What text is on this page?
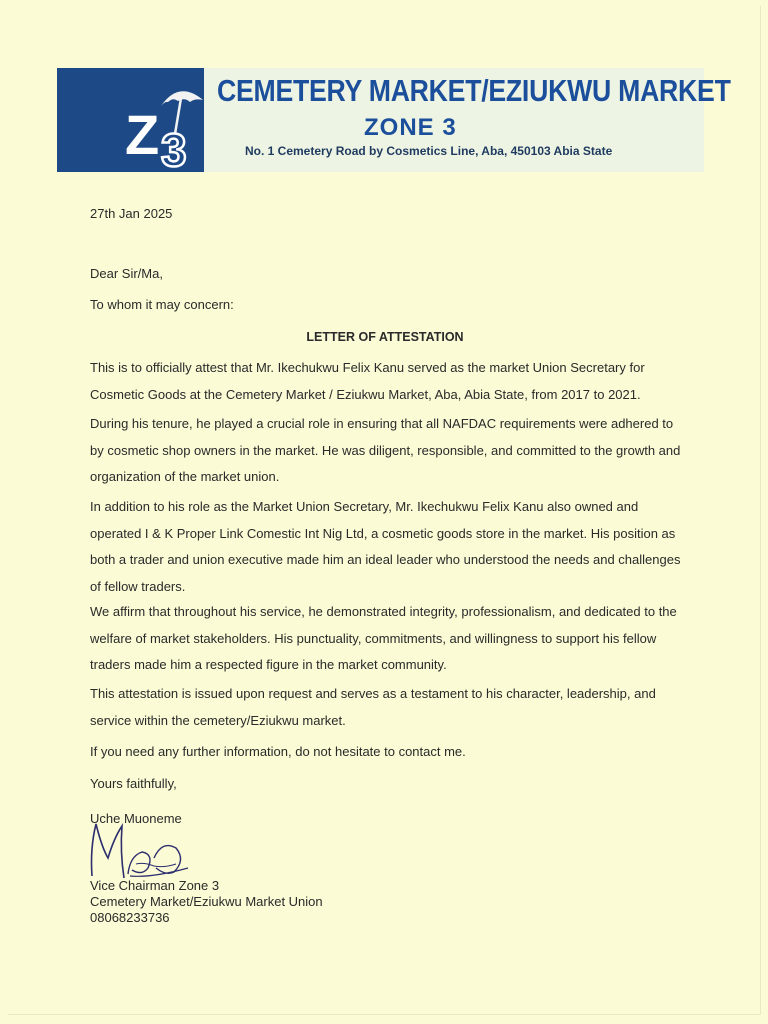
Z 3
CEMETERY MARKET/EZIUKWU MARKET
ZONE 3
No. 1 Cemetery Road by Cosmetics Line, Aba, 450103 Abia State
27th Jan 2025
Dear Sir/Ma,
To whom it may concern:
LETTER OF ATTESTATION
This is to officially attest that Mr. Ikechukwu Felix Kanu served as the market Union Secretary for Cosmetic Goods at the Cemetery Market / Eziukwu Market, Aba, Abia State, from 2017 to 2021.
During his tenure, he played a crucial role in ensuring that all NAFDAC requirements were adhered to by cosmetic shop owners in the market. He was diligent, responsible, and committed to the growth and organization of the market union.
In addition to his role as the Market Union Secretary, Mr. Ikechukwu Felix Kanu also owned and operated I & K Proper Link Comestic Int Nig Ltd, a cosmetic goods store in the market. His position as both a trader and union executive made him an ideal leader who understood the needs and challenges of fellow traders.
We affirm that throughout his service, he demonstrated integrity, professionalism, and dedicated to the welfare of market stakeholders. His punctuality, commitments, and willingness to support his fellow traders made him a respected figure in the market community.
This attestation is issued upon request and serves as a testament to his character, leadership, and service within the cemetery/Eziukwu market.
If you need any further information, do not hesitate to contact me.
Yours faithfully,
Uche Muoneme
Vice Chairman Zone 3
Cemetery Market/Eziukwu Market Union
08068233736
